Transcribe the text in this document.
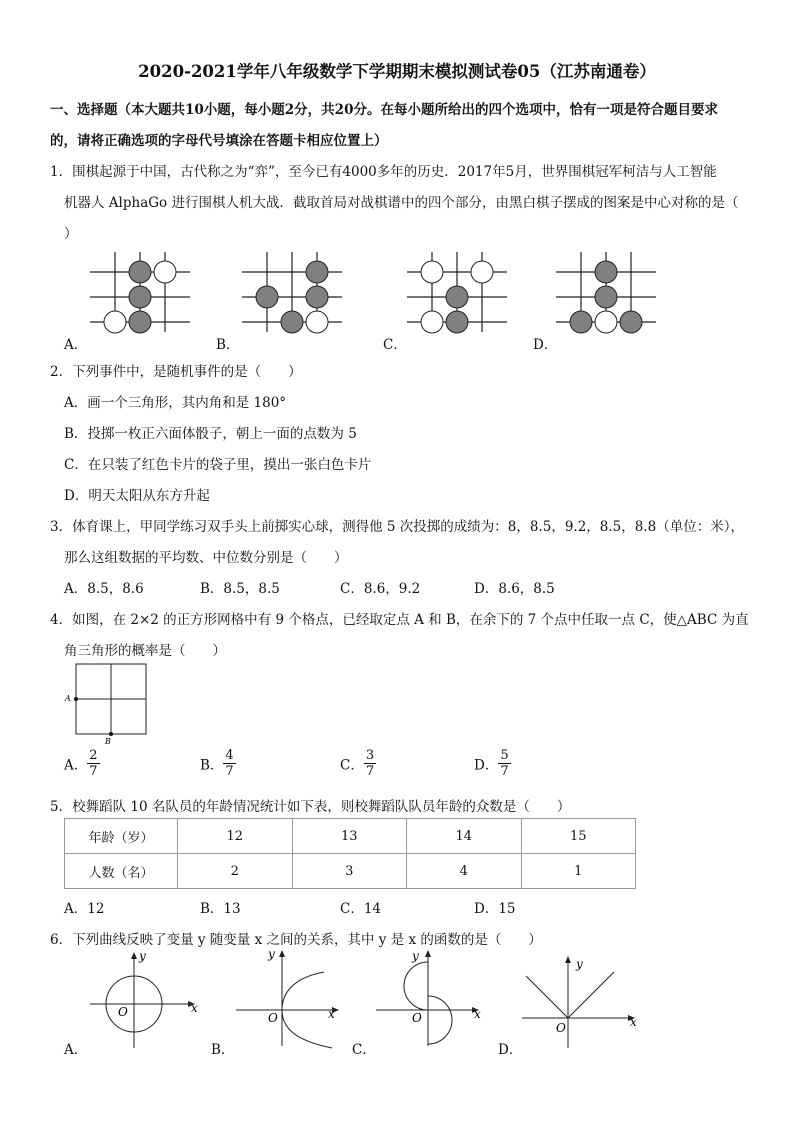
2020-2021学年八年级数学下学期期末模拟测试卷05（江苏南通卷）
一、选择题（本大题共10小题，每小题2分，共20分。在每小题所给出的四个选项中，恰有一项是符合题目要求
的，请将正确选项的字母代号填涂在答题卡相应位置上）
1．围棋起源于中国，古代称之为“弈”，至今已有4000多年的历史．2017年5月，世界围棋冠军柯洁与人工智能
机器人 AlphaGo 进行围棋人机大战．截取首局对战棋谱中的四个部分，由黑白棋子摆成的图案是中心对称的是（
）
A．	B．	C．	D．
2．下列事件中，是随机事件的是（　　）
A．画一个三角形，其内角和是 180°
B．投掷一枚正六面体骰子，朝上一面的点数为 5
C．在只装了红色卡片的袋子里，摸出一张白色卡片
D．明天太阳从东方升起
3．体育课上，甲同学练习双手头上前掷实心球，测得他 5 次投掷的成绩为：8，8.5，9.2，8.5，8.8（单位：米），
那么这组数据的平均数、中位数分别是（　　）
A．8.5，8.6	B．8.5，8.5	C．8.6，9.2	D．8.6，8.5
4．如图，在 2×2 的正方形网格中有 9 个格点，已经取定点 A 和 B，在余下的 7 个点中任取一点 C，使△ABC 为直
角三角形的概率是（　　）
A
B
A． $\frac{2}{7}$	B． $\frac{4}{7}$	C． $\frac{3}{7}$	D． $\frac{5}{7}$
5．校舞蹈队 10 名队员的年龄情况统计如下表，则校舞蹈队队员年龄的众数是（　　）
年龄（岁）	12	13	14	15
人数（名）	2	3	4	1
A．12	B．13	C．14	D．15
6．下列曲线反映了变量 y 随变量 x 之间的关系，其中 y 是 x 的函数的是（　　）
x
y
O	x
y
O	x
y
O	x
y
O
A．	B．	C．	D．
